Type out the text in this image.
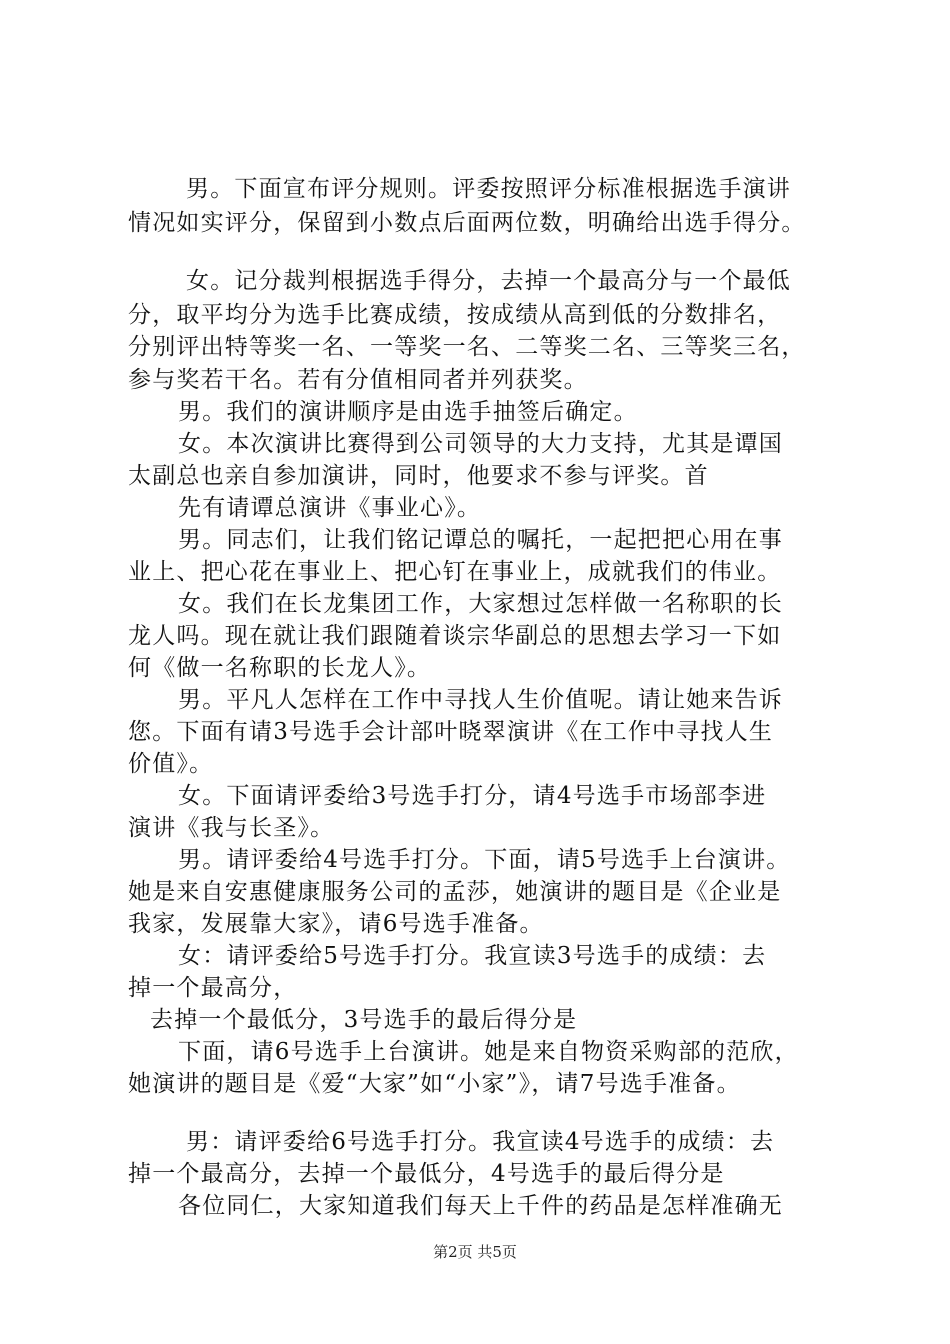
男。下面宣布评分规则。评委按照评分标准根据选手演讲
情况如实评分，保留到小数点后面两位数，明确给出选手得分。
女。记分裁判根据选手得分，去掉一个最高分与一个最低
分，取平均分为选手比赛成绩，按成绩从高到低的分数排名，
分别评出特等奖一名、一等奖一名、二等奖二名、三等奖三名，
参与奖若干名。若有分值相同者并列获奖。
男。我们的演讲顺序是由选手抽签后确定。
女。本次演讲比赛得到公司领导的大力支持，尤其是谭国
太副总也亲自参加演讲，同时，他要求不参与评奖。首
先有请谭总演讲《事业心》。
男。同志们，让我们铭记谭总的嘱托，一起把把心用在事
业上、把心花在事业上、把心钉在事业上，成就我们的伟业。
女。我们在长龙集团工作，大家想过怎样做一名称职的长
龙人吗。现在就让我们跟随着谈宗华副总的思想去学习一下如
何《做一名称职的长龙人》。
男。平凡人怎样在工作中寻找人生价值呢。请让她来告诉
您。下面有请3号选手会计部叶晓翠演讲《在工作中寻找人生
价值》。
女。下面请评委给3号选手打分，请4号选手市场部李进
演讲《我与长圣》。
男。请评委给4号选手打分。下面，请5号选手上台演讲。
她是来自安惠健康服务公司的孟莎，她演讲的题目是《企业是
我家，发展靠大家》，请6号选手准备。
女：请评委给5号选手打分。我宣读3号选手的成绩：去
掉一个最高分，
去掉一个最低分，3号选手的最后得分是
下面，请6号选手上台演讲。她是来自物资采购部的范欣，
她演讲的题目是《爱“大家”如“小家”》，请7号选手准备。
男：请评委给6号选手打分。我宣读4号选手的成绩：去
掉一个最高分，去掉一个最低分，4号选手的最后得分是
各位同仁，大家知道我们每天上千件的药品是怎样准确无
第2页 共5页
